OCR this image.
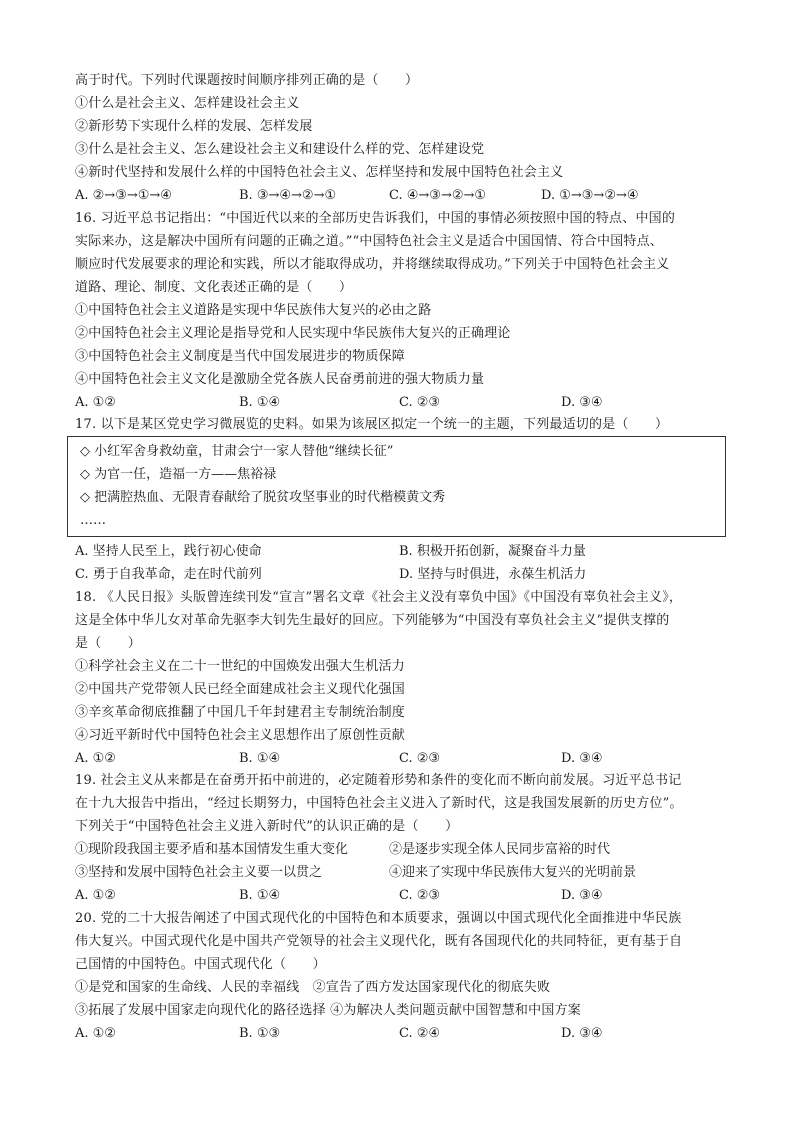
高于时代。下列时代课题按时间顺序排列正确的是（　　）
①什么是社会主义、怎样建设社会主义
②新形势下实现什么样的发展、怎样发展
③什么是社会主义、怎么建设社会主义和建设什么样的党、怎样建设党
④新时代坚持和发展什么样的中国特色社会主义、怎样坚持和发展中国特色社会主义
A. ②→③→①→④	B. ③→④→②→①	C. ④→③→②→①	D. ①→③→②→④
16. 习近平总书记指出：“中国近代以来的全部历史告诉我们，中国的事情必须按照中国的特点、中国的
实际来办，这是解决中国所有问题的正确之道。”“中国特色社会主义是适合中国国情、符合中国特点、
顺应时代发展要求的理论和实践，所以才能取得成功，并将继续取得成功。”下列关于中国特色社会主义
道路、理论、制度、文化表述正确的是（　　）
①中国特色社会主义道路是实现中华民族伟大复兴的必由之路
②中国特色社会主义理论是指导党和人民实现中华民族伟大复兴的正确理论
③中国特色社会主义制度是当代中国发展进步的物质保障
④中国特色社会主义文化是激励全党各族人民奋勇前进的强大物质力量
A. ①②	B. ①④	C. ②③	D. ③④
17. 以下是某区党史学习微展览的史料。如果为该展区拟定一个统一的主题，下列最适切的是（　　）
◇ 小红军舍身救幼童，甘肃会宁一家人替他“继续长征”
◇ 为官一任，造福一方——焦裕禄
◇ 把满腔热血、无限青春献给了脱贫攻坚事业的时代楷模黄文秀
……
A. 坚持人民至上，践行初心使命	B. 积极开拓创新，凝聚奋斗力量
C. 勇于自我革命，走在时代前列	D. 坚持与时俱进，永葆生机活力
18. 《人民日报》头版曾连续刊发“宣言”署名文章《社会主义没有辜负中国》《中国没有辜负社会主义》，
这是全体中华儿女对革命先驱李大钊先生最好的回应。下列能够为“中国没有辜负社会主义”提供支撑的
是（　　）
①科学社会主义在二十一世纪的中国焕发出强大生机活力
②中国共产党带领人民已经全面建成社会主义现代化强国
③辛亥革命彻底推翻了中国几千年封建君主专制统治制度
④习近平新时代中国特色社会主义思想作出了原创性贡献
A. ①②	B. ①④	C. ②③	D. ③④
19. 社会主义从来都是在奋勇开拓中前进的，必定随着形势和条件的变化而不断向前发展。习近平总书记
在十九大报告中指出，“经过长期努力，中国特色社会主义进入了新时代，这是我国发展新的历史方位”。
下列关于“中国特色社会主义进入新时代”的认识正确的是（　　）
①现阶段我国主要矛盾和基本国情发生重大变化	②是逐步实现全体人民同步富裕的时代
③坚持和发展中国特色社会主义要一以贯之	④迎来了实现中华民族伟大复兴的光明前景
A. ①②	B. ①④	C. ②③	D. ③④
20. 党的二十大报告阐述了中国式现代化的中国特色和本质要求，强调以中国式现代化全面推进中华民族
伟大复兴。中国式现代化是中国共产党领导的社会主义现代化，既有各国现代化的共同特征，更有基于自
己国情的中国特色。中国式现代化（　　）
①是党和国家的生命线、人民的幸福线　②宣告了西方发达国家现代化的彻底失败
③拓展了发展中国家走向现代化的路径选择 ④为解决人类问题贡献中国智慧和中国方案
A. ①②	B. ①③	C. ②④	D. ③④
